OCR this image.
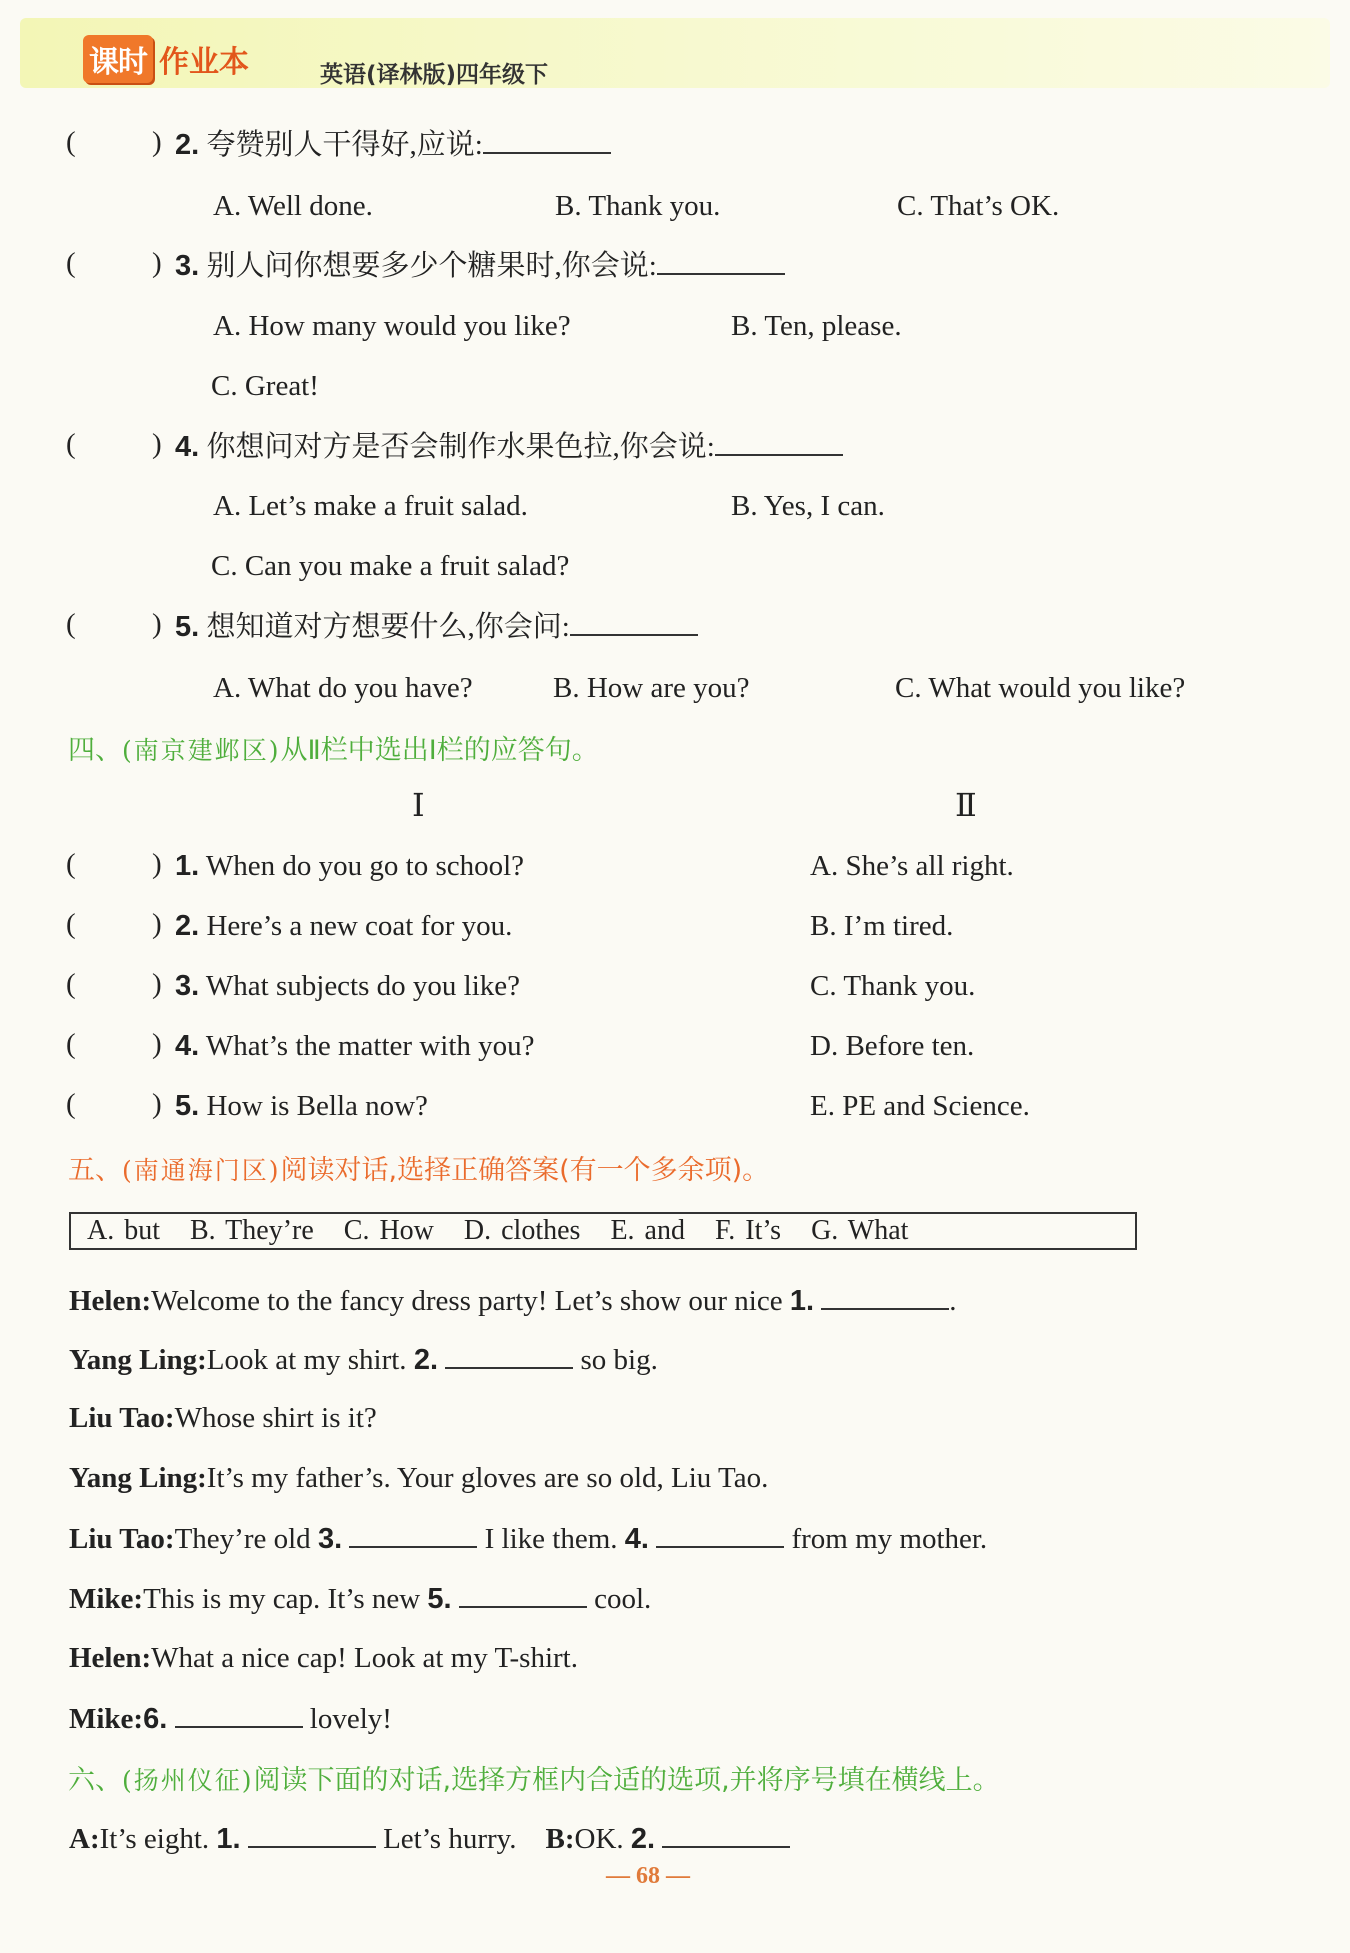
课时 作业本	英语(译林版)四年级下
(	) 2. 夸赞别人干得好,应说:
A. Well done.	B. Thank you.	C. That’s OK.
(	) 3. 别人问你想要多少个糖果时,你会说:
A. How many would you like?	B. Ten, please.
C. Great!
(	) 4. 你想问对方是否会制作水果色拉,你会说:
A. Let’s make a fruit salad.	B. Yes, I can.
C. Can you make a fruit salad?
(	) 5. 想知道对方想要什么,你会问:
A. What do you have?	B. How are you?	C. What would you like?
四、(南京建邺区)从Ⅱ栏中选出Ⅰ栏的应答句。
Ⅰ	Ⅱ
(	) 1. When do you go to school?	A. She’s all right.
(	) 2. Here’s a new coat for you.	B. I’m tired.
(	) 3. What subjects do you like?	C. Thank you.
(	) 4. What’s the matter with you?	D. Before ten.
(	) 5. How is Bella now?	E. PE and Science.
五、(南通海门区)阅读对话,选择正确答案(有一个多余项)。
A. but B. They’re C. How D. clothes E. and F. It’s G. What
Helen:Welcome to the fancy dress party! Let’s show our nice 1.	.
Yang Ling:Look at my shirt. 2.	so big.
Liu Tao:Whose shirt is it?
Yang Ling:It’s my father’s. Your gloves are so old, Liu Tao.
Liu Tao:They’re old 3.	I like them. 4.	from my mother.
Mike:This is my cap. It’s new 5.	cool.
Helen:What a nice cap! Look at my T-shirt.
Mike:6.	lovely!
六、(扬州仪征)阅读下面的对话,选择方框内合适的选项,并将序号填在横线上。
A:It’s eight. 1.	Let’s hurry. B:OK. 2.
— 68 —
